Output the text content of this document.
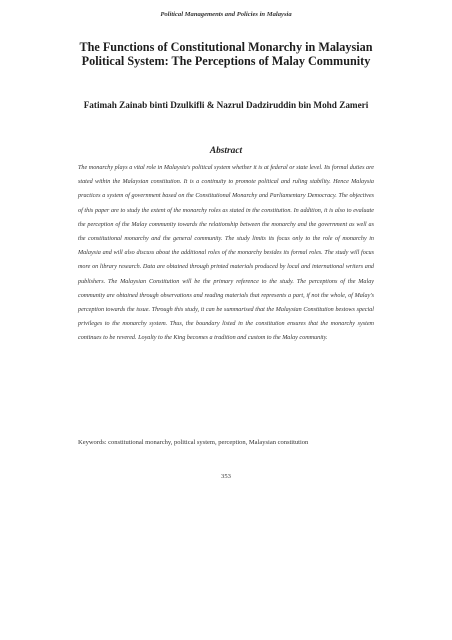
Political Managements and Policies in Malaysia
The Functions of Constitutional Monarchy in Malaysian Political System: The Perceptions of Malay Community
Fatimah Zainab binti Dzulkifli & Nazrul Dadziruddin bin Mohd Zameri
Abstract
The monarchy plays a vital role in Malaysia's political system whether it is at federal or state level. Its formal duties are stated within the Malaysian constitution. It is a continuity to promote political and ruling stability. Hence Malaysia practices a system of government based on the Constitutional Monarchy and Parliamentary Democracy. The objectives of this paper are to study the extent of the monarchy roles as stated in the constitution. In addition, it is also to evaluate the perception of the Malay community towards the relationship between the monarchy and the government as well as the constitutional monarchy and the general community. The study limits its focus only to the role of monarchy in Malaysia and will also discuss about the additional roles of the monarchy besides its formal roles. The study will focus more on library research. Data are obtained through printed materials produced by local and international writers and publishers. The Malaysian Constitution will be the primary reference to the study. The perceptions of the Malay community are obtained through observations and reading materials that represents a part, if not the whole, of Malay's perception towards the issue. Through this study, it can be summarised that the Malaysian Constitution bestows special privileges to the monarchy system. Thus, the boundary listed in the constitution ensures that the monarchy system continues to be revered. Loyalty to the King becomes a tradition and custom to the Malay community.
Keywords: constitutional monarchy, political system, perception, Malaysian constitution
353
